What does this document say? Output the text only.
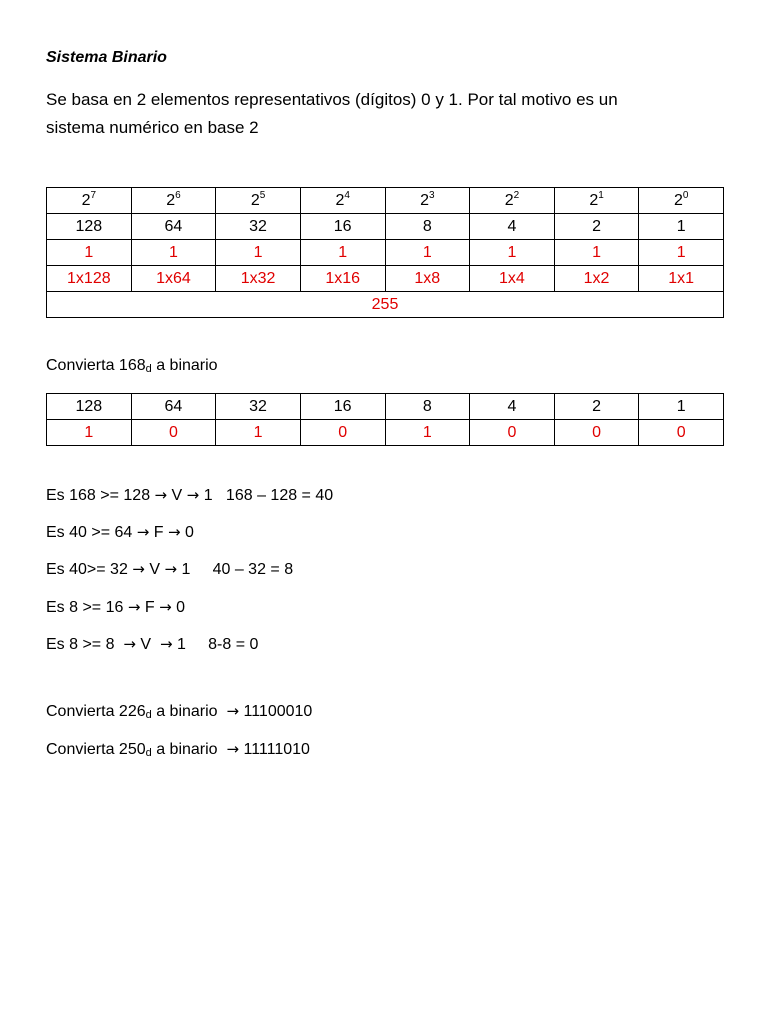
Sistema Binario
Se basa en 2 elementos representativos (dígitos) 0 y 1. Por tal motivo es un
sistema numérico en base 2
$2^7$	$2^6$	$2^5$	$2^4$	$2^3$	$2^2$	$2^1$	$2^0$
128	64	32	16	8	4	2	1
1	1	1	1	1	1	1	1
1x128	1x64	1x32	1x16	1x8	1x4	1x2	1x1
255							
Convierta $168_d$ a binario
128	64	32	16	8	4	2	1
1	0	1	0	1	0	0	0
Es 168 >= 128 → V → 1   168 – 128 = 40
Es 40 >= 64 → F → 0
Es 40>= 32 → V → 1     40 – 32 = 8
Es 8 >= 16 → F → 0
Es 8 >= 8  → V  → 1     8-8 = 0
Convierta $226_d$ a binario  → 11100010
Convierta $250_d$ a binario  → 11111010
